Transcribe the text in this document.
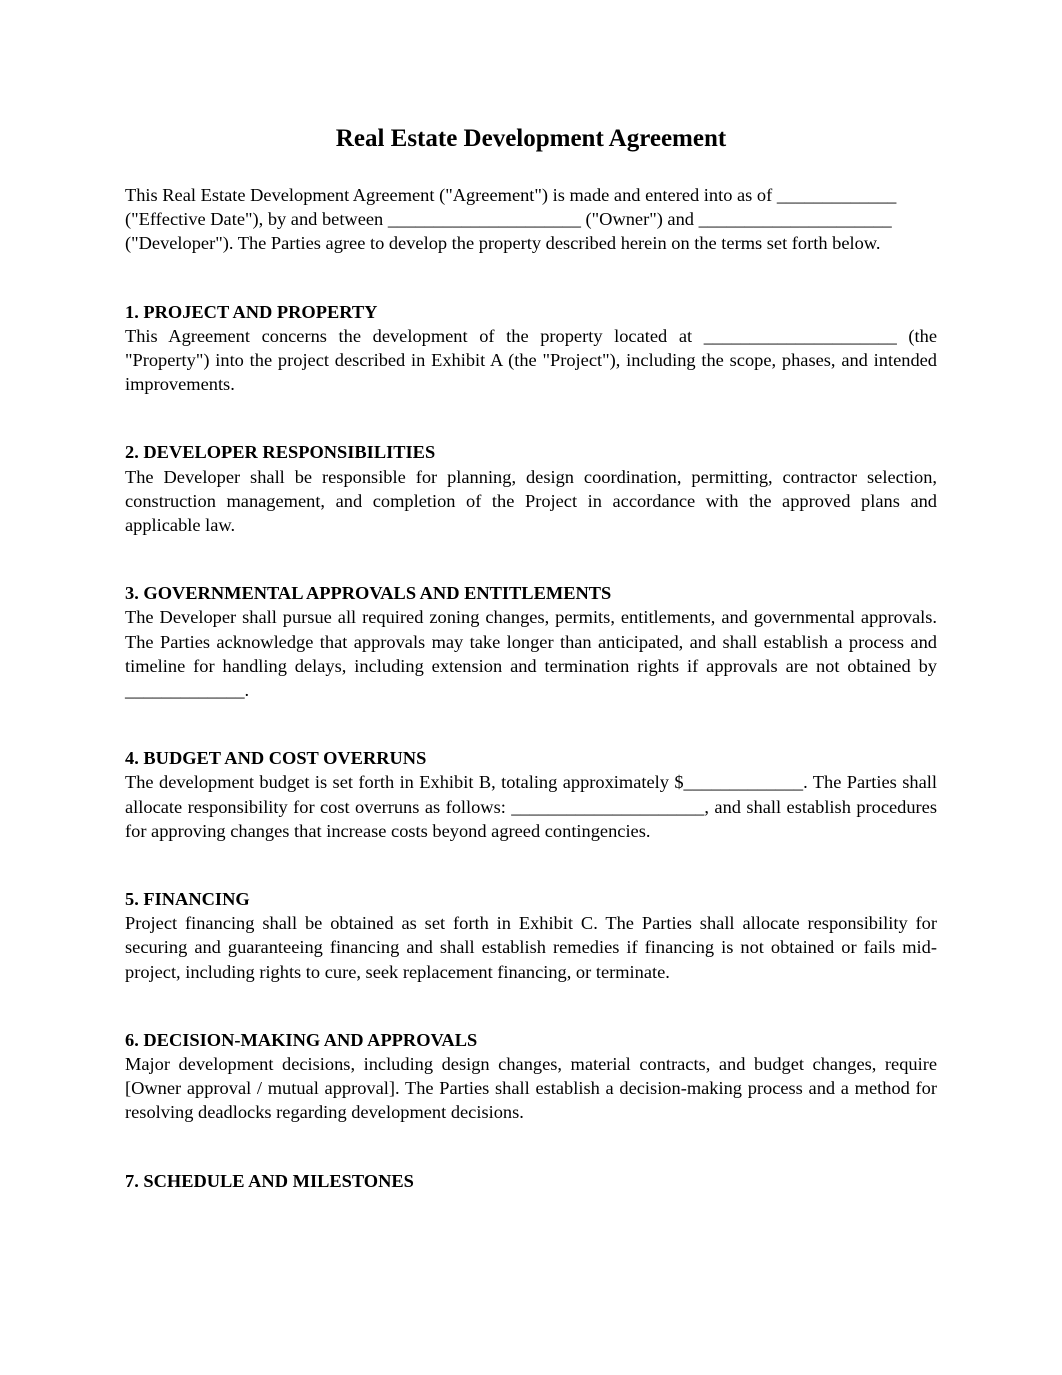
Real Estate Development Agreement

This Real Estate Development Agreement ("Agreement") is made and entered into as of _____________ ("Effective Date"), by and between _____________________ ("Owner") and _____________________ ("Developer"). The Parties agree to develop the property described herein on the terms set forth below.

1. PROJECT AND PROPERTY

This Agreement concerns the development of the property located at _____________________ (the "Property") into the project described in Exhibit A (the "Project"), including the scope, phases, and intended improvements.

2. DEVELOPER RESPONSIBILITIES

The Developer shall be responsible for planning, design coordination, permitting, contractor selection, construction management, and completion of the Project in accordance with the approved plans and applicable law.

3. GOVERNMENTAL APPROVALS AND ENTITLEMENTS

The Developer shall pursue all required zoning changes, permits, entitlements, and governmental approvals. The Parties acknowledge that approvals may take longer than anticipated, and shall establish a process and timeline for handling delays, including extension and termination rights if approvals are not obtained by _____________.

4. BUDGET AND COST OVERRUNS

The development budget is set forth in Exhibit B, totaling approximately $_____________. The Parties shall allocate responsibility for cost overruns as follows: _____________________, and shall establish procedures for approving changes that increase costs beyond agreed contingencies.

5. FINANCING

Project financing shall be obtained as set forth in Exhibit C. The Parties shall allocate responsibility for securing and guaranteeing financing and shall establish remedies if financing is not obtained or fails mid-project, including rights to cure, seek replacement financing, or terminate.

6. DECISION-MAKING AND APPROVALS

Major development decisions, including design changes, material contracts, and budget changes, require [Owner approval / mutual approval]. The Parties shall establish a decision-making process and a method for resolving deadlocks regarding development decisions.

7. SCHEDULE AND MILESTONES
